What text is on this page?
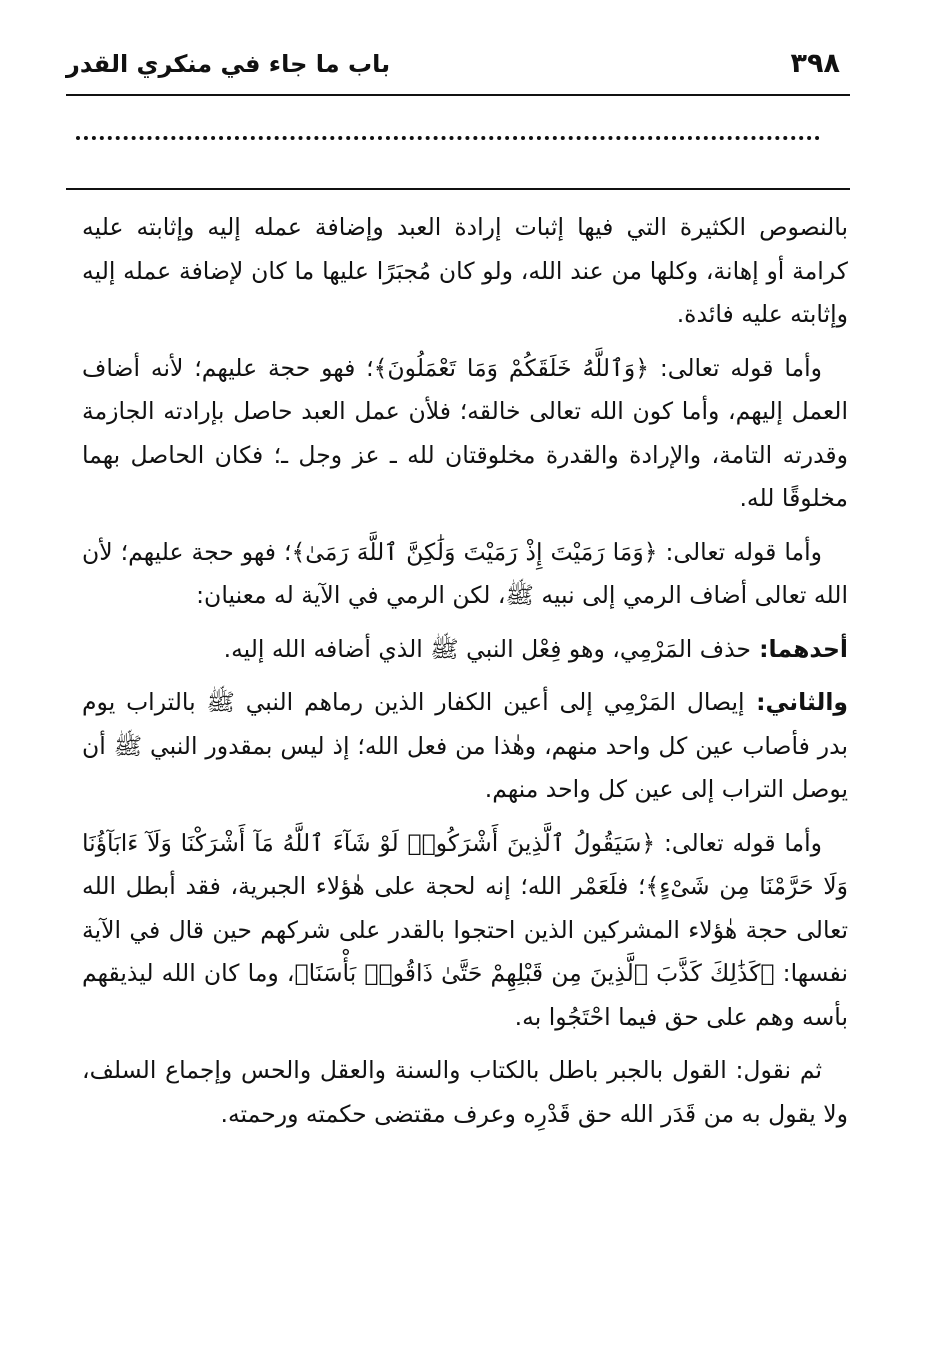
٣٩٨
باب ما جاء في منكري القدر

بالنصوص الكثيرة التي فيها إثبات إرادة العبد وإضافة عمله إليه وإثابته عليه كرامة أو إهانة، وكلها من عند الله، ولو كان مُجبَرًا عليها ما كان لإضافة عمله إليه وإثابته عليه فائدة.

وأما قوله تعالى: ﴿وَٱللَّهُ خَلَقَكُمْ وَمَا تَعْمَلُونَ﴾؛ فهو حجة عليهم؛ لأنه أضاف العمل إليهم، وأما كون الله تعالى خالقه؛ فلأن عمل العبد حاصل بإرادته الجازمة وقدرته التامة، والإرادة والقدرة مخلوقتان لله ـ عز وجل ـ؛ فكان الحاصل بهما مخلوقًا لله.

وأما قوله تعالى: ﴿وَمَا رَمَيْتَ إِذْ رَمَيْتَ وَلَٰكِنَّ ٱللَّهَ رَمَىٰ﴾؛ فهو حجة عليهم؛ لأن الله تعالى أضاف الرمي إلى نبيه ﷺ، لكن الرمي في الآية له معنيان:

أحدهما: حذف المَرْمِي، وهو فِعْل النبي ﷺ الذي أضافه الله إليه.

والثاني: إيصال المَرْمِي إلى أعين الكفار الذين رماهم النبي ﷺ بالتراب يوم بدر فأصاب عين كل واحد منهم، وهٰذا من فعل الله؛ إذ ليس بمقدور النبي ﷺ أن يوصل التراب إلى عين كل واحد منهم.

وأما قوله تعالى: ﴿سَيَقُولُ ٱلَّذِينَ أَشْرَكُوا۟ لَوْ شَآءَ ٱللَّهُ مَآ أَشْرَكْنَا وَلَآ ءَابَآؤُنَا وَلَا حَرَّمْنَا مِن شَىْءٍ﴾؛ فلَعَمْر الله؛ إنه لحجة على هٰؤلاء الجبرية، فقد أبطل الله تعالى حجة هٰؤلاء المشركين الذين احتجوا بالقدر على شركهم حين قال في الآية نفسها: ﴿كَذَٰلِكَ كَذَّبَ ٱلَّذِينَ مِن قَبْلِهِمْ حَتَّىٰ ذَاقُوا۟ بَأْسَنَا﴾، وما كان الله ليذيقهم بأسه وهم على حق فيما احْتَجُوا به.

ثم نقول: القول بالجبر باطل بالكتاب والسنة والعقل والحس وإجماع السلف، ولا يقول به من قَدَر الله حق قَدْرِه وعرف مقتضى حكمته ورحمته.
